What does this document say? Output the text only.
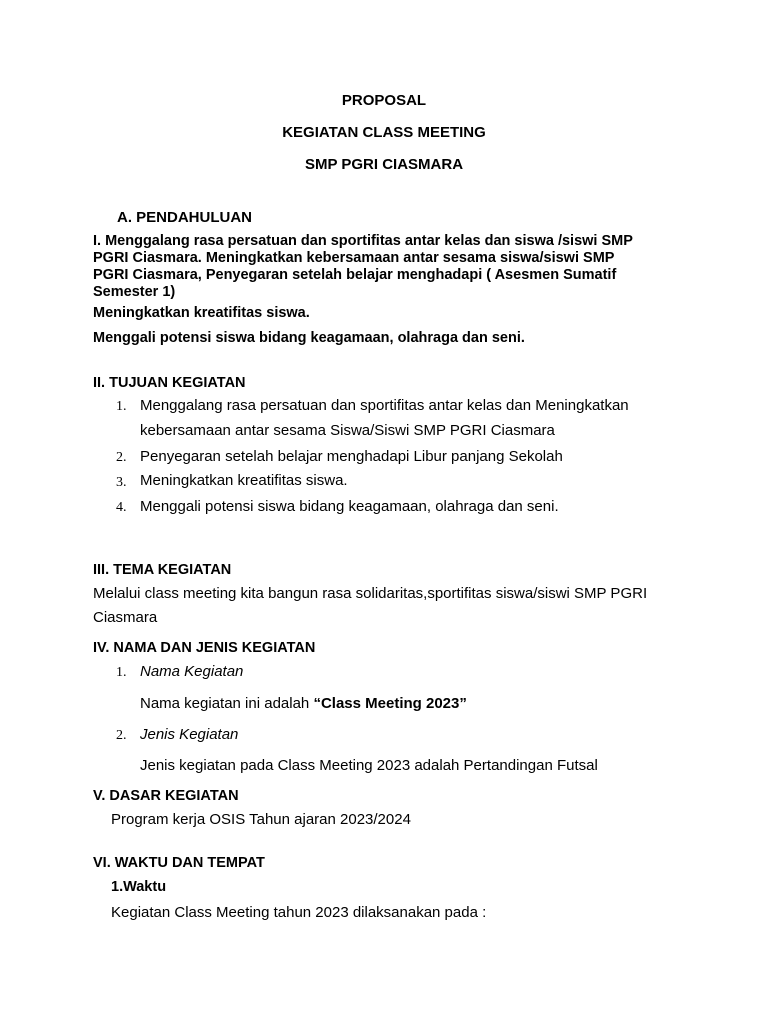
PROPOSAL
KEGIATAN CLASS MEETING
SMP PGRI CIASMARA
A. PENDAHULUAN
I. Menggalang rasa persatuan dan sportifitas antar kelas dan siswa /siswi SMP
PGRI Ciasmara. Meningkatkan kebersamaan antar sesama siswa/siswi SMP
PGRI Ciasmara, Penyegaran setelah belajar menghadapi ( Asesmen Sumatif
Semester 1)
Meningkatkan kreatifitas siswa.
Menggali potensi siswa bidang keagamaan, olahraga dan seni.
II. TUJUAN KEGIATAN
1. Menggalang rasa persatuan dan sportifitas antar kelas dan Meningkatkan
kebersamaan antar sesama Siswa/Siswi SMP PGRI Ciasmara
2. Penyegaran setelah belajar menghadapi Libur panjang Sekolah
3. Meningkatkan kreatifitas siswa.
4. Menggali potensi siswa bidang keagamaan, olahraga dan seni.
III. TEMA KEGIATAN
Melalui class meeting kita bangun rasa solidaritas,sportifitas siswa/siswi SMP PGRI
Ciasmara
IV. NAMA DAN JENIS KEGIATAN
1. Nama Kegiatan
Nama kegiatan ini adalah “Class Meeting 2023”
2. Jenis Kegiatan
Jenis kegiatan pada Class Meeting 2023 adalah Pertandingan Futsal
V. DASAR KEGIATAN
Program kerja OSIS Tahun ajaran 2023/2024
VI. WAKTU DAN TEMPAT
1.Waktu
Kegiatan Class Meeting tahun 2023 dilaksanakan pada :
